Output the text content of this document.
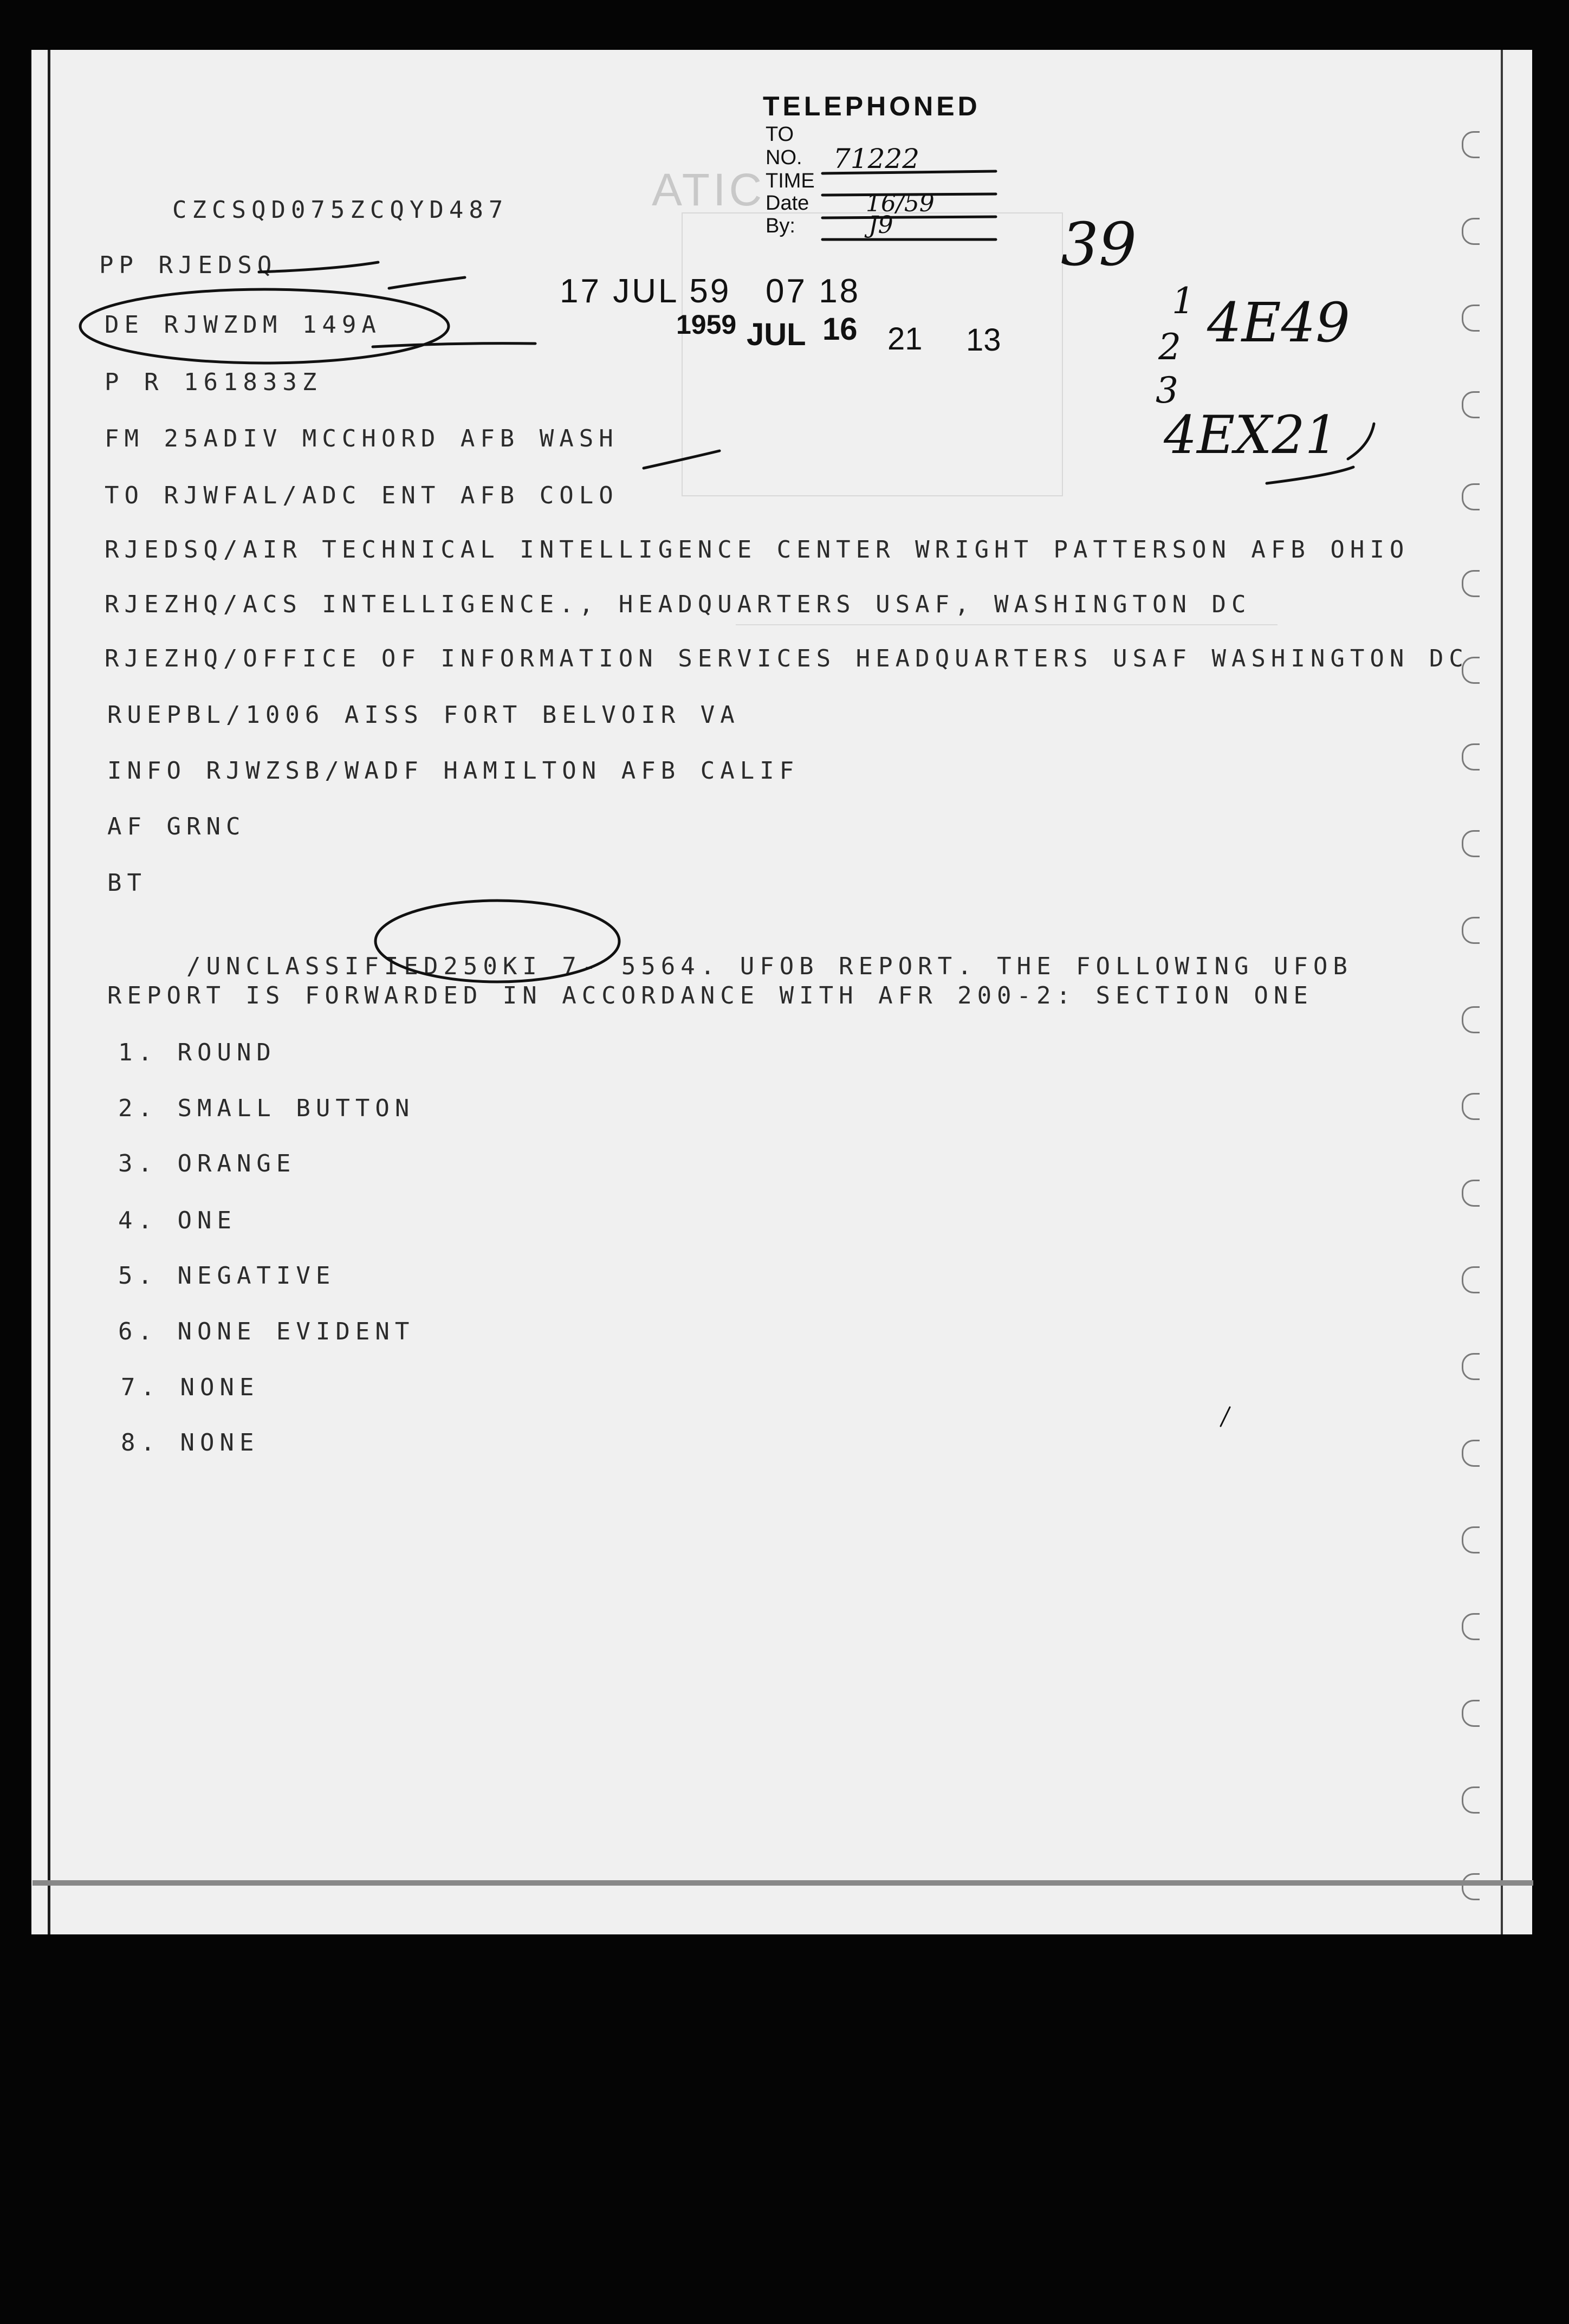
ATIC
TELEPHONED
TO
NO. 71222
TIME
Date 16/59
By:	J9	39
1
2
3
4E49
4EX21
17 JUL 59   07 18
1959 JUL 16 21 13
CZCSQD075ZCQYD487
PP RJEDSQ
DE RJWZDM 149A
P R 161833Z
FM 25ADIV MCCHORD AFB WASH
TO RJWFAL/ADC ENT AFB COLO
RJEDSQ/AIR TECHNICAL INTELLIGENCE CENTER WRIGHT PATTERSON AFB OHIO
RJEZHQ/ACS INTELLIGENCE., HEADQUARTERS USAF, WASHINGTON DC
RJEZHQ/OFFICE OF INFORMATION SERVICES HEADQUARTERS USAF WASHINGTON DC
RUEPBL/1006 AISS FORT BELVOIR VA
INFO RJWZSB/WADF HAMILTON AFB CALIF
AF GRNC
BT

/UNCLASSIFIED250KI 7- 5564. UFOB REPORT. THE FOLLOWING UFOB

REPORT IS FORWARDED IN ACCORDANCE WITH AFR 200-2: SECTION ONE
1. ROUND
2. SMALL BUTTON
3. ORANGE
4. ONE
5. NEGATIVE
6. NONE EVIDENT
7. NONE
8. NONE
